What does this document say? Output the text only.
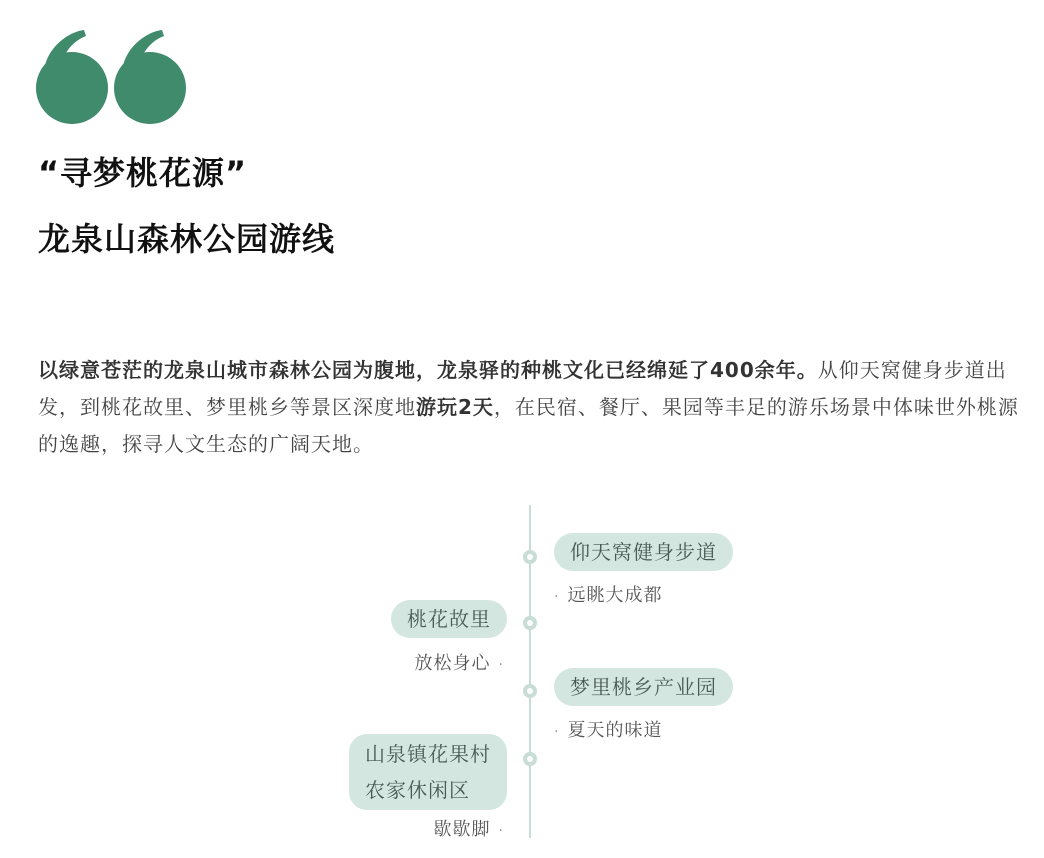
“寻梦桃花源”
龙泉山森林公园游线

以绿意苍茫的龙泉山城市森林公园为腹地，龙泉驿的种桃文化已经绵延了400余年。从仰天窝健身步道出发，到桃花故里、梦里桃乡等景区深度地游玩2天，在民宿、餐厅、果园等丰足的游乐场景中体味世外桃源的逸趣，探寻人文生态的广阔天地。

仰天窝健身步道
· 远眺大成都
桃花故里
放松身心 ·
梦里桃乡产业园
· 夏天的味道
山泉镇花果村
农家休闲区
歇歇脚 ·
